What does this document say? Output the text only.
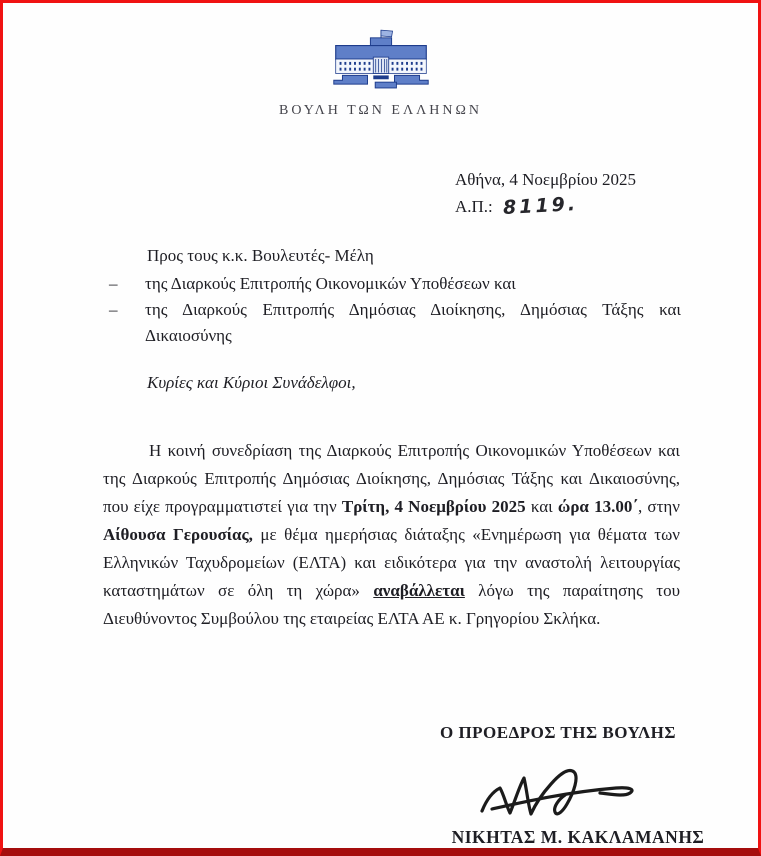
ΒΟΥΛΗ ΤΩΝ ΕΛΛΗΝΩΝ
Αθήνα, 4 Νοεμβρίου 2025
Α.Π.: 8119.
Προς τους κ.κ. Βουλευτές- Μέλη
–	της Διαρκούς Επιτροπής Οικονομικών Υποθέσεων και
–	της Διαρκούς Επιτροπής Δημόσιας Διοίκησης, Δημόσιας Τάξης και Δικαιοσύνης
Κυρίες και Κύριοι Συνάδελφοι,

Η κοινή συνεδρίαση της Διαρκούς Επιτροπής Οικονομικών Υποθέσεων και της Διαρκούς Επιτροπής Δημόσιας Διοίκησης, Δημόσιας Τάξης και Δικαιοσύνης, που είχε προγραμματιστεί για την Τρίτη, 4 Νοεμβρίου 2025 και ώρα 13.00΄, στην Αίθουσα Γερουσίας, με θέμα ημερήσιας διάταξης «Ενημέρωση για θέματα των Ελληνικών Ταχυδρομείων (ΕΛΤΑ) και ειδικότερα για την αναστολή λειτουργίας καταστημάτων σε όλη τη χώρα» αναβάλλεται λόγω της παραίτησης του Διευθύνοντος Συμβούλου της εταιρείας ΕΛΤΑ ΑΕ κ. Γρηγορίου Σκλήκα.

Ο ΠΡΟΕΔΡΟΣ ΤΗΣ ΒΟΥΛΗΣ
ΝΙΚΗΤΑΣ Μ. ΚΑΚΛΑΜΑΝΗΣ
